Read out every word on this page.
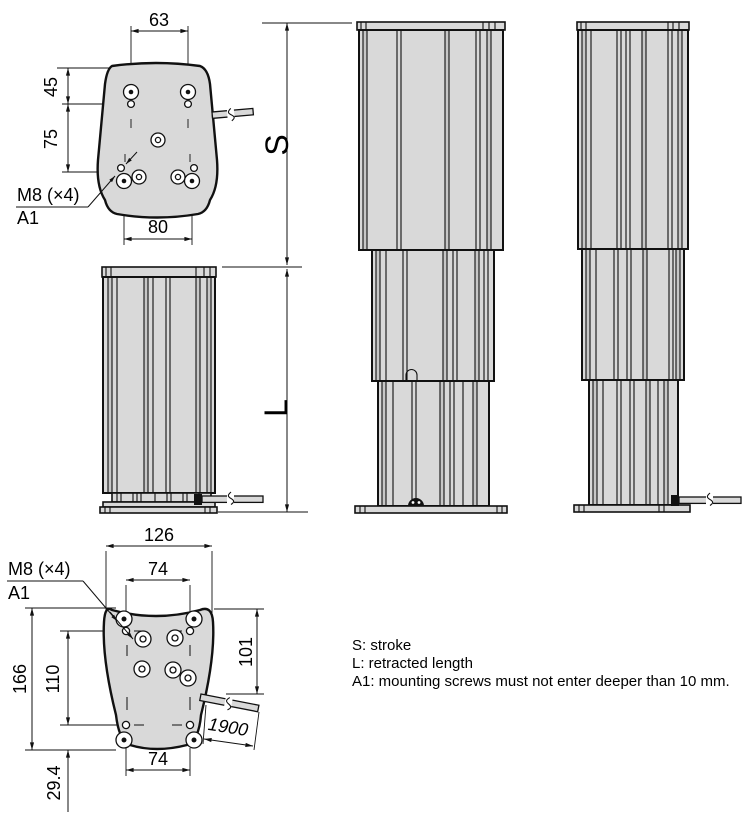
M8 (×4)
A1
63
45
75
80
S
L
M8 (×4)
A1
126
74
166 110
101
29.4
74
1900
S: stroke
L: retracted length
A1: mounting screws must not enter deeper than 10 mm.
